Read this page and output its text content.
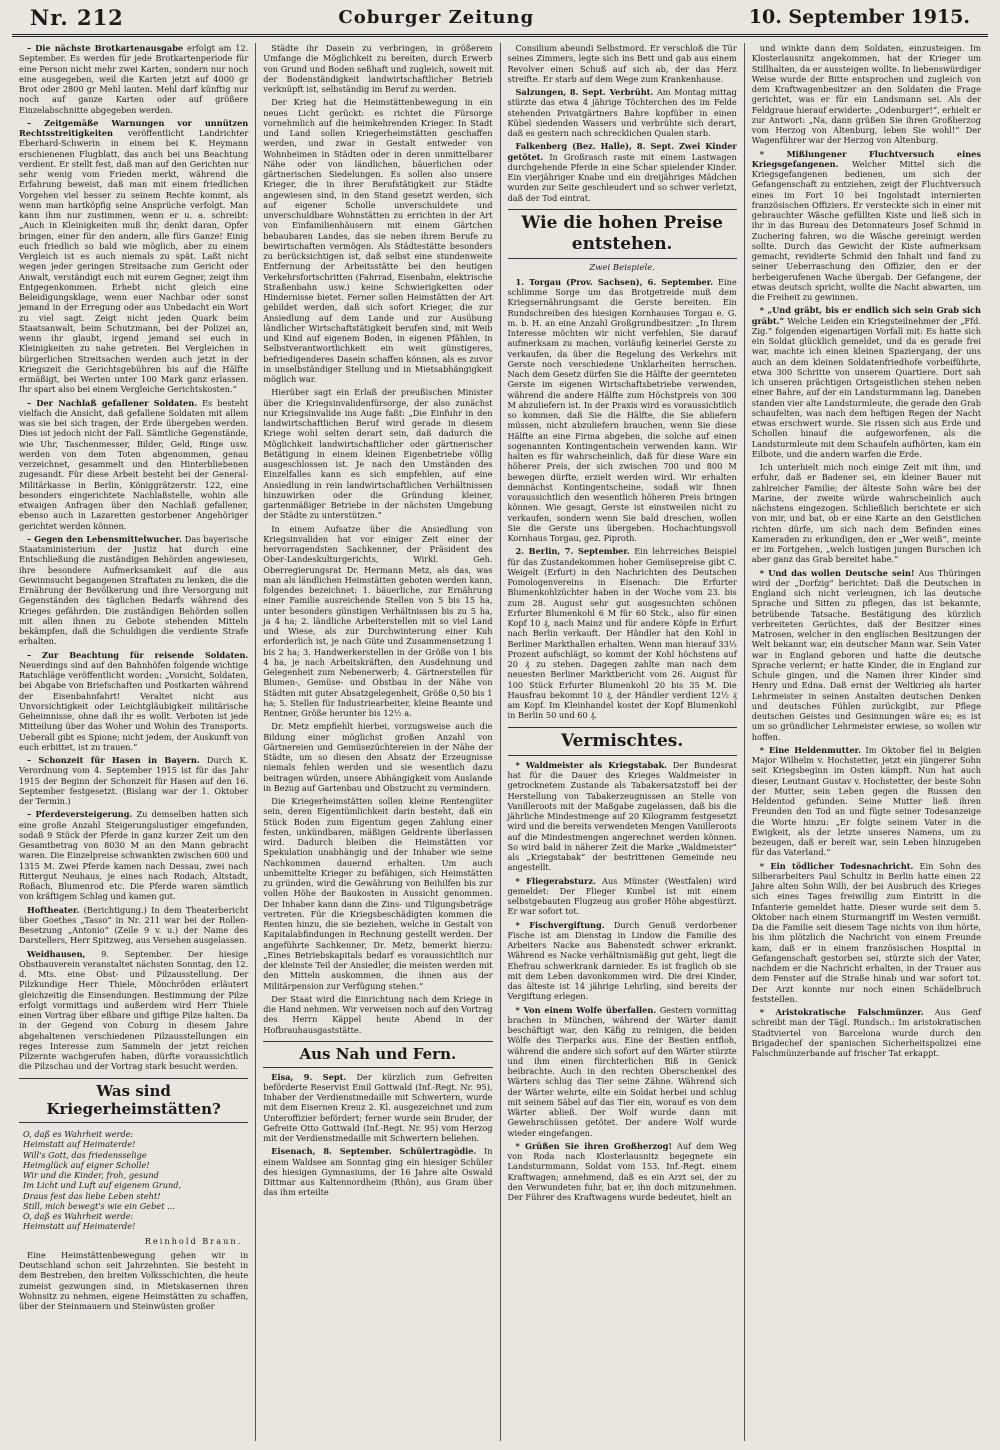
Nr. 212	Coburger Zeitung	10. September 1915.

– Die nächste Brotkartenausgabe erfolgt am 12. September. Es werden für jede Brotkartenperiode für eine Person nicht mehr zwei Karten, sondern nur noch eine ausgegeben, weil die Karten jetzt auf 4000 gr Brot oder 2800 gr Mehl lauten. Mehl darf künftig nur noch auf ganze Karten oder auf größere Einzelabschnitte abgegeben werden.

– Zeitgemäße Warnungen vor unnützen Rechtsstreitigkeiten veröffentlicht Landrichter Eberhard-Schwerin in einem bei K. Heymann erschienenen Flugblatt, das auch bei uns Beachtung verdient. Er stellt fest, daß man auf den Gerichten nur sehr wenig vom Frieden merkt, während die Erfahrung beweist, daß man mit einem friedlichen Vorgehen viel besser zu seinem Rechte kommt, als wenn man hartköpfig seine Ansprüche verfolgt. Man kann ihm nur zustimmen, wenn er u. a. schreibt: „Auch in Kleinigkeiten muß ihr, denkt daran, Opfer bringen, einer für den andern, alle fürs Ganze! Einig euch friedlich so bald wie möglich, aber zu einem Vergleich ist es auch niemals zu spät. Laßt nicht wegen jeder geringen Streitsache zum Gericht oder Anwalt, verständigt euch mit eurem Gegner, zeigt ihm Entgegenkommen. Erhebt nicht gleich eine Beleidigungsklage, wenn euer Nachbar oder sonst jemand in der Erregung oder aus Unbedacht ein Wort zu viel sagt. Zeigt nicht jeden Quark beim Staatsanwalt, beim Schutzmann, bei der Polizei an, wenn ihr glaubt, irgend jemand sei euch in Kleinigkeiten zu nahe getreten. Bei Vergleichen in bürgerlichen Streitsachen werden auch jetzt in der Kriegszeit die Gerichtsgebühren bis auf die Hälfte ermäßigt, bei Werten unter 100 Mark ganz erlassen. Ihr spart also bei einem Vergleiche Gerichtskosten.“

– Der Nachlaß gefallener Soldaten. Es besteht vielfach die Ansicht, daß gefallene Soldaten mit allem was sie bei sich tragen, der Erde übergeben werden. Dies ist jedoch nicht der Fall. Sämtliche Gegenstände, wie Uhr, Taschenmesser, Bilder, Geld, Ringe usw. werden von dem Toten abgenommen, genau verzeichnet, gesammelt und den Hinterbliebenen zugesandt. Für diese Arbeit besteht bei der General-Militärkasse in Berlin, Königgrätzerstr. 122, eine besonders eingerichtete Nachlaßstelle, wohin alle etwaigen Anfragen über den Nachlaß gefallener, ebenso auch in Lazaretten gestorbener Angehöriger gerichtet werden können.

– Gegen den Lebensmittelwucher. Das bayerische Staatsministerium der Justiz hat durch eine Entschließung die zuständigen Behörden angewiesen, ihre besondere Aufmerksamkeit auf die aus Gewinnsucht begangenen Straftaten zu lenken, die die Ernährung der Bevölkerung und ihre Versorgung mit Gegenständen des täglichen Bedarfs während des Krieges gefährden. Die zuständigen Behörden sollen mit allen ihnen zu Gebote stehenden Mitteln bekämpfen, daß die Schuldigen die verdiente Strafe erhalten.

– Zur Beachtung für reisende Soldaten. Neuerdings sind auf den Bahnhöfen folgende wichtige Ratschläge veröffentlicht worden: „Vorsicht, Soldaten, bei Abgabe von Briefschaften und Postkarten während der Eisenbahnfahrt! Veraltet nicht aus Unvorsichtigkeit oder Leichtgläubigkeit militärische Geheimnisse, ohne daß ihr es wollt. Verboten ist jede Mitteilung über das Woher und Wohin des Transports. Ueberall gibt es Spione; nicht jedem, der Auskunft von euch erbittet, ist zu trauen.“

– Schonzeit für Hasen in Bayern. Durch K. Verordnung vom 4. September 1915 ist für das Jahr 1915 der Beginn der Schonzeit für Hasen auf den 16. September festgesetzt. (Bislang war der 1. Oktober der Termin.)

– Pferdeversteigerung. Zu demselben hatten sich eine große Anzahl Steigerungslustiger eingefunden, sodaß 9 Stück der Pferde in ganz kurzer Zeit um den Gesamtbetrag von 8030 M an den Mann gebracht waren. Die Einzelpreise schwankten zwischen 600 und 1315 M. Zwei Pferde kamen nach Dessau, zwei nach Rittergut Neuhaus, je eines nach Rodach, Altstadt, Roßach, Blumenrod etc. Die Pferde waren sämtlich von kräftigem Schlag und kamen gut.

Hoftheater. (Berichtigung.) In dem Theaterbericht über Goethes „Tasso“ in Nr. 211 war bei der Rollen-Besetzung „Antonio“ (Zeile 9 v. u.) der Name des Darstellers, Herr Spitzweg, aus Versehen ausgelassen.

Weidhausen, 9. September. Der hiesige Obstbauverein veranstaltet nächsten Sonntag, den 12. d. Mts. eine Obst- und Pilzausstellung. Der Pilzkundige Herr Thiele, Mönchröden erläutert gleichzeitig die Einsendungen. Bestimmung der Pilze erfolgt vormittags und außerdem wird Herr Thiele einen Vortrag über eßbare und giftige Pilze halten. Da in der Gegend von Coburg in diesem Jahre abgehaltenen verschiedenen Pilzausstellungen ein reges Interesse zum Sammeln der jetzt reichen Pilzernte wachgerufen haben, dürfte voraussichtlich die Pilzschau und der Vortrag stark besucht werden.

Was sind Kriegerheimstätten?
O, daß es Wahrheit werde:
Heimstatt auf Heimaterde!
Will's Gott, das friedensselige
Heimglück auf eigner Scholle!
Wir und die Kinder, froh, gesund
Im Licht und Luft auf eigenem Grund,
Draus fest das liebe Leben steht!
Still, mich bewegt's wie ein Gebet ...
O, daß es Wahrheit werde:
Heimstatt auf Heimaterde!
Reinhold Braun.

Eine Heimstättenbewegung gehen wir in Deutschland schon seit Jahrzehnten. Sie besteht in dem Bestreben, den breiten Volksschichten, die heute zumeist gezwungen sind, in Mietskasernen ihren Wohnsitz zu nehmen, eigene Heimstätten zu schaffen, über der Steinmauern und Steinwüsten großer

Städte ihr Dasein zu verbringen, in größerem Umfange die Möglichkeit zu bereiten, durch Erwerb von Grund und Boden seßhaft und zugleich, soweit mit der Bodenständigkeit landwirtschaftlicher Betrieb verknüpft ist, selbständig im Beruf zu werden.

Der Krieg hat die Heimstättenbewegung in ein neues Licht gerückt: es richtet die Fürsorge vornehmlich auf die heimkehrenden Krieger. In Stadt und Land sollen Kriegerheimstätten geschaffen werden, und zwar in Gestalt entweder von Wohnheimen in Städten oder in deren unmittelbarer Nähe oder von ländlichen, bäuerlichen oder gärtnerischen Siedelungen. Es sollen also unsere Krieger, die in ihrer Berufstätigkeit zur Städte angewiesen sind, in den Stand gesetzt werden, sich auf eigener Scholle unverschuldete und unverschuldbare Wohnstätten zu errichten in der Art von Einfamilienhäusern mit einem Gärtchen bebaubaren Landes, das sie neben ihrem Berufe zu bewirtschaften vermögen. Als Städtestätte besonders zu berücksichtigen ist, daß selbst eine stundenweite Entfernung der Arbeitsstätte bei den heutigen Verkehrsfortschritten (Fahrrad, Eisenbahn, elektrische Straßenbahn usw.) keine Schwierigkeiten oder Hindernisse bietet. Ferner sollen Heimstätten der Art gebildet werden, daß sich sofort Krieger, die zur Ansiedlung auf dem Lande und zur Ausübung ländlicher Wirtschaftstätigkeit berufen sind, mit Weib und Kind auf eigenem Boden, in eigenen Pfählen, in Selbstverantwortlichkeit ein weit günstigeres, befriedigenderes Dasein schaffen können, als es zuvor in unselbständiger Stellung und in Mietsabhängigkeit möglich war.

Hierüber sagt ein Erlaß der preußischen Minister über die Kriegsinvalidenfürsorge, der also zunächst nur Kriegsinvalide ins Auge faßt: „Die Einfuhr in den landwirtschaftlichen Beruf wird gerade in diesem Kriege wohl selten derart sein, daß dadurch die Möglichkeit landwirtschaftlicher oder gärtnerischer Betätigung in einem kleinen Eigenbetriebe völlig ausgeschlossen ist. Je nach den Umständen des Einzelfalles kann es sich empfehlen, auf eine Ansiedlung in rein landwirtschaftlichen Verhältnissen hinzuwirken oder die Gründung kleiner, gartenmäßiger Betriebe in der nächsten Umgebung der Städte zu unterstützen.“

In einem Aufsatze über die Ansiedlung von Kriegsinvaliden hat vor einiger Zeit einer der hervorragendsten Sachkenner, der Präsident des Ober-Landeskulturgerichts, Wirkl. Geh. Oberregierungsrat Dr. Hermann Metz, als das, was man als ländlichen Heimstätten geboten werden kann, folgendes bezeichnet: 1. bäuerliche, zur Ernährung einer Familie ausreichende Stellen von 5 bis 15 ha, unter besonders günstigen Verhältnissen bis zu 5 ha, ja 4 ha; 2. ländliche Arbeiterstellen mit so viel Land und Wiese, als zur Durchwinterung einer Kuh erforderlich ist, je nach Güte und Zusammensetzung 1 bis 2 ha; 3. Handwerkerstellen in der Größe von 1 bis 4 ha, je nach Arbeitskräften, den Ausdehnung und Gelegenheit zum Nebenerwerb; 4. Gärtnerstellen für Blumen-, Gemüse- und Obstbau in der Nähe von Städten mit guter Absatzgelegenheit, Größe 0,50 bis 1 ha; 5. Stellen für Industriearbeiter, kleine Beamte und Rentner, Größe herunter bis 12½ a.

Dr. Metz empfiehlt hierbei, vorzugsweise auch die Bildung einer möglichst großen Anzahl von Gärtnereien und Gemüsezüchtereien in der Nähe der Städte, um so diesen den Absatz der Erzeugnisse niemals fehlen werden und sie wesentlich dazu beitragen würden, unsere Abhängigkeit vom Auslande in Bezug auf Gartenbau und Obstzucht zu vermindern.

Die Kriegerheimstätten sollen kleine Rentengüter sein, deren Eigentümlichkeit darin besteht, daß ein Stück Boden zum Eigentum gegen Zahlung einer festen, unkündbaren, mäßigen Geldrente überlassen wird. Dadurch bleiben die Heimstätten vor Spekulation unabhängig und der Inhaber wie seine Nachkommen dauernd erhalten. Um auch unbemittelte Krieger zu befähigen, sich Heimstätten zu gründen, wird die Gewährung von Beihilfen bis zur vollen Höhe der Baukosten in Aussicht genommen. Der Inhaber kann dann die Zins- und Tilgungsbeträge vertreten. Für die Kriegsbeschädigten kommen die Renten hinzu, die sie beziehen, welche in Gestalt von Kapitalabfindungen in Rechnung gestellt werden. Der angeführte Sachkenner, Dr. Metz, bemerkt hierzu: „Eines Betriebskapitals bedarf es voraussichtlich nur der kleinste Teil der Ansiedler, die meisten werden mit den Mitteln auskommen, die ihnen aus der Militärpension zur Verfügung stehen.“

Der Staat wird die Einrichtung nach dem Kriege in die Hand nehmen. Wir verweisen noch auf den Vortrag des Herrn Käppel heute Abend in der Hofbrauhausgaststätte.

Aus Nah und Fern.

Eisa, 9. Sept. Der kürzlich zum Gefreiten beförderte Reservist Emil Gottwald (Inf.-Regt. Nr. 95), Inhaber der Verdienstmedaille mit Schwertern, wurde mit dem Eisernen Kreuz 2. Kl. ausgezeichnet und zum Unteroffizier befördert; ferner wurde sein Bruder, der Gefreite Otto Gottwald (Inf.-Regt. Nr. 95) vom Herzog mit der Verdienstmedaille mit Schwertern beliehen.

Eisenach, 8. September. Schülertragödie. In einem Waldsee am Sonntag ging ein hiesiger Schüler des hiesigen Gymnasiums, der 16 Jahre alte Oswald Dittmar aus Kaltennordheim (Rhön), aus Gram über das ihm erteilte

Consilium abeundi Selbstmord. Er verschloß die Tür seines Zimmers, legte sich ins Bett und gab aus einem Revolver einen Schuß auf sich ab, der das Herz streifte. Er starb auf dem Wege zum Krankenhause.

Salzungen, 8. Sept. Verbrüht. Am Montag mittag stürzte das etwa 4 jährige Töchterchen des im Felde stehenden Privatgärtners Bahre kopfüber in einen Kübel siedenden Wassers und verbrühte sich derart, daß es gestern nach schrecklichen Qualen starb.

Falkenberg (Bez. Halle), 8. Sept. Zwei Kinder getötet. In Großrasch raste mit einem Lastwagen durchgehende Pferde in eine Schar spielender Kinder. Ein vierjähriger Knabe und ein dreijähriges Mädchen wurden zur Seite geschleudert und so schwer verletzt, daß der Tod eintrat.

Wie die hohen Preise entstehen.
Zwei Beispiele.

1. Torgau (Prov. Sachsen), 6. September. Eine schlimme Sorge um das Brotgetreide muß dem Kriegsernährungsamt die Gerste bereiten. Ein Rundschreiben des hiesigen Kornhauses Torgau e. G. m. b. H. an eine Anzahl Großgrundbesitzer: „In Ihrem Interesse möchten wir nicht verfehlen, Sie darauf aufmerksam zu machen, vorläufig keinerlei Gerste zu verkaufen, da über die Regelung des Verkehrs mit Gerste noch verschiedene Unklarheiten herrschen. Nach dem Gesetz dürfen Sie die Hälfte der geernteten Gerste im eigenen Wirtschaftsbetriebe verwenden, während die andere Hälfte zum Höchstpreis von 300 M abzuliefern ist. In der Praxis wird es voraussichtlich so kommen, daß Sie die Hälfte, die Sie abliefern müssen, nicht abzuliefern brauchen, wenn Sie diese Hälfte an eine Firma abgeben, die solche auf einen sogenannten Kontingentschein verwenden kann. Wir halten es für wahrscheinlich, daß für diese Ware ein höherer Preis, der sich zwischen 700 und 800 M bewegen dürfte, erzielt werden wird. Wir erhalten demnächst Kontingentscheine, sodaß wir Ihnen voraussichtlich den wesentlich höheren Preis bringen können. Wie gesagt, Gerste ist einstweilen nicht zu verkaufen, sondern wenn Sie bald dreschen, wollen Sie die Gerste uns übergeben. Hochachtungsvoll Kornhaus Torgau, gez. Piproth.

2. Berlin, 7. September. Ein lehrreiches Beispiel für das Zustandekommen hoher Gemüsepreise gibt C. Weigelt (Erfurt) in den Nachrichten des Deutschen Pomologenvereins in Eisenach: Die Erfurter Blumenkohlzüchter haben in der Woche vom 23. bis zum 28. August sehr gut ausgesuchten schönen Erfurter Blumenkohl 6 M für 60 Stck., also für einen Kopf 10 ₰, nach Mainz und für andere Köpfe in Erfurt nach Berlin verkauft. Der Händler hat den Kohl in Berliner Markthallen erhalten. Wenn man hierauf 33⅓ Prozent aufschlägt, so kommt der Kohl höchstens auf 20 ₰ zu stehen. Dagegen zahlte man nach dem neuesten Berliner Marktbericht vom 26. August für 100 Stück Erfurter Blumenkohl 20 bis 35 M. Die Hausfrau bekommt 10 ₰, der Händler verdient 12½ ₰ am Kopf. Im Kleinhandel kostet der Kopf Blumenkohl in Berlin 50 und 60 ₰.

Vermischtes.

* Waldmeister als Kriegstabak. Der Bundesrat hat für die Dauer des Krieges Waldmeister in getrocknetem Zustande als Tabakersatzstoff bei der Herstellung von Tabakerzeugnissen an Stelle von Vanilleroots mit der Maßgabe zugelassen, daß bis die jährliche Mindestmenge auf 20 Kilogramm festgesetzt wird und die bereits verwendeten Mengen Vanilleroots auf die Mindestmengen angerechnet werden können. So wird bald in näherer Zeit die Marke „Waldmeister“ als „Kriegstabak“ der bestrittenen Gemeinde neu angestellt.

* Fliegerabsturz. Aus Münster (Westfalen) wird gemeldet: Der Flieger Kunbel ist mit einem selbstgebauten Flugzeug aus großer Höhe abgestürzt. Er war sofort tot.

* Fischvergiftung. Durch Genuß verdorbener Fische ist am Dienstag in Lindow die Familie des Arbeiters Nacke aus Babenstedt schwer erkrankt. Während es Nacke verhältnismäßig gut geht, liegt die Ehefrau schwerkrank darnieder. Es ist fraglich ob sie mit dem Leben davonkommen wird. Die drei Kinder, das älteste ist 14 jährige Lehrling, sind bereits der Vergiftung erlegen.

* Von einem Wolfe überfallen. Gestern vormittag brachen in München, während der Wärter damit beschäftigt war, den Käfig zu reinigen, die beiden Wölfe des Tierparks aus. Eine der Bestien entfloh, während die andere sich sofort auf den Wärter stürzte und ihm einen fürchterlichen Biß in Genick beibrachte. Auch in den rechten Oberschenkel des Wärters schlug das Tier seine Zähne. Während sich der Wärter wehrte, eilte ein Soldat herbei und schlug mit seinem Säbel auf das Tier ein, worauf es von dem Wärter abließ. Der Wolf wurde dann mit Gewehrschüssen getötet. Der andere Wolf wurde wieder eingefangen.

* Grüßen Sie ihren Großherzog! Auf dem Weg von Roda nach Klosterlausnitz begegnete ein Landsturmmann, Soldat vom 153. Inf.-Regt. einem Kraftwagen; annehmend, daß es ein Arzt sei, der zu den Verwundeten fuhr, bat er, ihn doch mitzunehmen. Der Führer des Kraftwagens wurde bedeutet, hielt an

und winkte dann dem Soldaten, einzusteigen. Im Klosterlausnitz angekommen, hat der Krieger um Stillhalten, da er aussteigen wollte. In liebenswürdiger Weise wurde der Bitte entsprochen und zugleich von dem Kraftwagenbesitzer an den Soldaten die Frage gerichtet, was er für ein Landsmann sei. Als der Feldgraue hierauf erwiderte: „Odenburger!“, erhielt er zur Antwort: „Na, dann grüßen Sie ihren Großherzog vom Herzog von Altenburg, leben Sie wohl!“ Der Wagenführer war der Herzog von Altenburg.

* Mißlungener Fluchtversuch eines Kriegsgefangenen. Welcher Mittel sich die Kriegsgefangenen bedienen, um sich der Gefangenschaft zu entziehen, zeigt der Fluchtversuch eines im Fort 10 bei Ingolstadt internierten französischen Offiziers. Er versteckte sich in einer mit gebrauchter Wäsche gefüllten Kiste und ließ sich in ihr in das Bureau des Detonnateurs Josef Schmid in Zuchering fahren, wo die Wäsche gereinigt werden sollte. Durch das Gewicht der Kiste aufmerksam gemacht, revidierte Schmid den Inhalt und fand zu seiner Ueberraschung den Offizier, den er der herbeigerufenen Wache übergab. Der Gefangene, der etwas deutsch spricht, wollte die Nacht abwarten, um die Freiheit zu gewinnen.

* „Und gräbt, bis er endlich sich sein Grab sich gräbt.“ Welche Leiden ein Kriegsteilnehmer der „Ffd. Zig.“ folgenden eigenartigen Vorfall mit: Es hatte sich ein Soldat glücklich gemeldet, und da es gerade frei war, machte ich einen kleinen Spaziergang, der uns auch an dem kleinen Soldatenfriedhofe vorbeiführte, etwa 300 Schritte von unserem Quartiere. Dort sah ich unseren prächtigen Ortsgeistlichen stehen neben einer Bahre, auf der ein Landsturmmann lag. Daneben standen vier alte Landsturmleute, die gerade den Grab schaufelten, was nach dem heftigen Regen der Nacht etwas erschwert wurde. Sie rissen sich aus Erde und Schollen hinauf die aufgeworfenen, als die Landsturmleute mit dem Schaufeln aufhörten, kam ein Eilbote, und die andern warfen die Erde.

Ich unterhielt mich noch einige Zeit mit ihm, und erfuhr, daß er Badener sei, ein kleiner Bauer mit zahlreicher Familie; der älteste Sohn wäre bei der Marine, der zweite würde wahrscheinlich auch nächstens eingezogen. Schließlich berichtete er sich von mir, und bat, ob er eine Karte an den Geistlichen richten dürfe, um sich nach dem Befinden eines Kameraden zu erkundigen, den er „Wer weiß“, meinte er im Fortgehen, „welch lustigen jungen Burschen ich aber ganz das Grab bereitet habe.“

* Und das wollen Deutsche sein! Aus Thüringen wird der „Dorfzig“ berichtet: Daß die Deutschen in England sich nicht verleugnen, ich las deutsche Sprache und Sitten zu pflegen, das ist bekannte, betrübende Tatsache. Bestätigung des kürzlich verbreiteten Gerüchtes, daß der Besitzer eines Matrosen, welcher in den englischen Besitzungen der Welt bekannt war, ein deutscher Mann war. Sein Vater war in England geboren und hatte die deutsche Sprache verlernt; er hatte Kinder, die in England zur Schule gingen, und die Namen ihrer Kinder sind Henry und Edna. Daß ernst der Weltkrieg als harter Lehrmeister in seinen Anstalten deutschen Denken und deutsches Fühlen zurückgibt, zur Pflege deutschen Geistes und Gesinnungen wäre es; es ist um so gründlicher Lehrmeister erwiese, so wollen wir hoffen.

* Eine Heldenmutter. Im Oktober fiel in Belgien Major Wilhelm v. Hochstetter, jetzt ein jüngerer Sohn seit Kriegsbeginn im Osten kämpft. Nun hat auch dieser, Leutnant Gustav v. Hochstetter, der beste Sohn der Mutter, sein Leben gegen die Russen den Heldentod gefunden. Seine Mutter ließ ihren Freunden den Tod an und fügte seiner Todesanzeige die Worte hinzu: „Er folgte seinem Vater in die Ewigkeit, als der letzte unseres Namens, um zu bezeugen, daß er bereit war, sein Leben hinzugeben für das Vaterland.“

* Ein tödlicher Todesnachricht. Ein Sohn des Silberarbeiters Paul Schultz in Berlin hatte einen 22 Jahre alten Sohn Willi, der bei Ausbruch des Krieges sich eines Tages freiwillig zum Eintritt in die Infanterie gemeldet hatte. Dieser wurde seit dem 5. Oktober nach einem Sturmangriff im Westen vermißt. Da die Familie seit diesem Tage nichts von ihm hörte, bis ihm plötzlich die Nachricht von einem Freunde kam, daß er in einem französischen Hospital in Gefangenschaft gestorben sei, stürzte sich der Vater, nachdem er die Nachricht erhalten, in der Trauer aus dem Fenster auf die Straße hinab und war sofort tot. Der Arzt konnte nur noch einen Schädelbruch feststellen.

* Aristokratische Falschmünzer. Aus Genf schreibt man der Tägl. Rundsch.: Im aristokratischen Stadtviertel von Barcelona wurde durch den Brigadechef der spanischen Sicherheitspolizei eine Falschmünzerbande auf frischer Tat erkappt.
